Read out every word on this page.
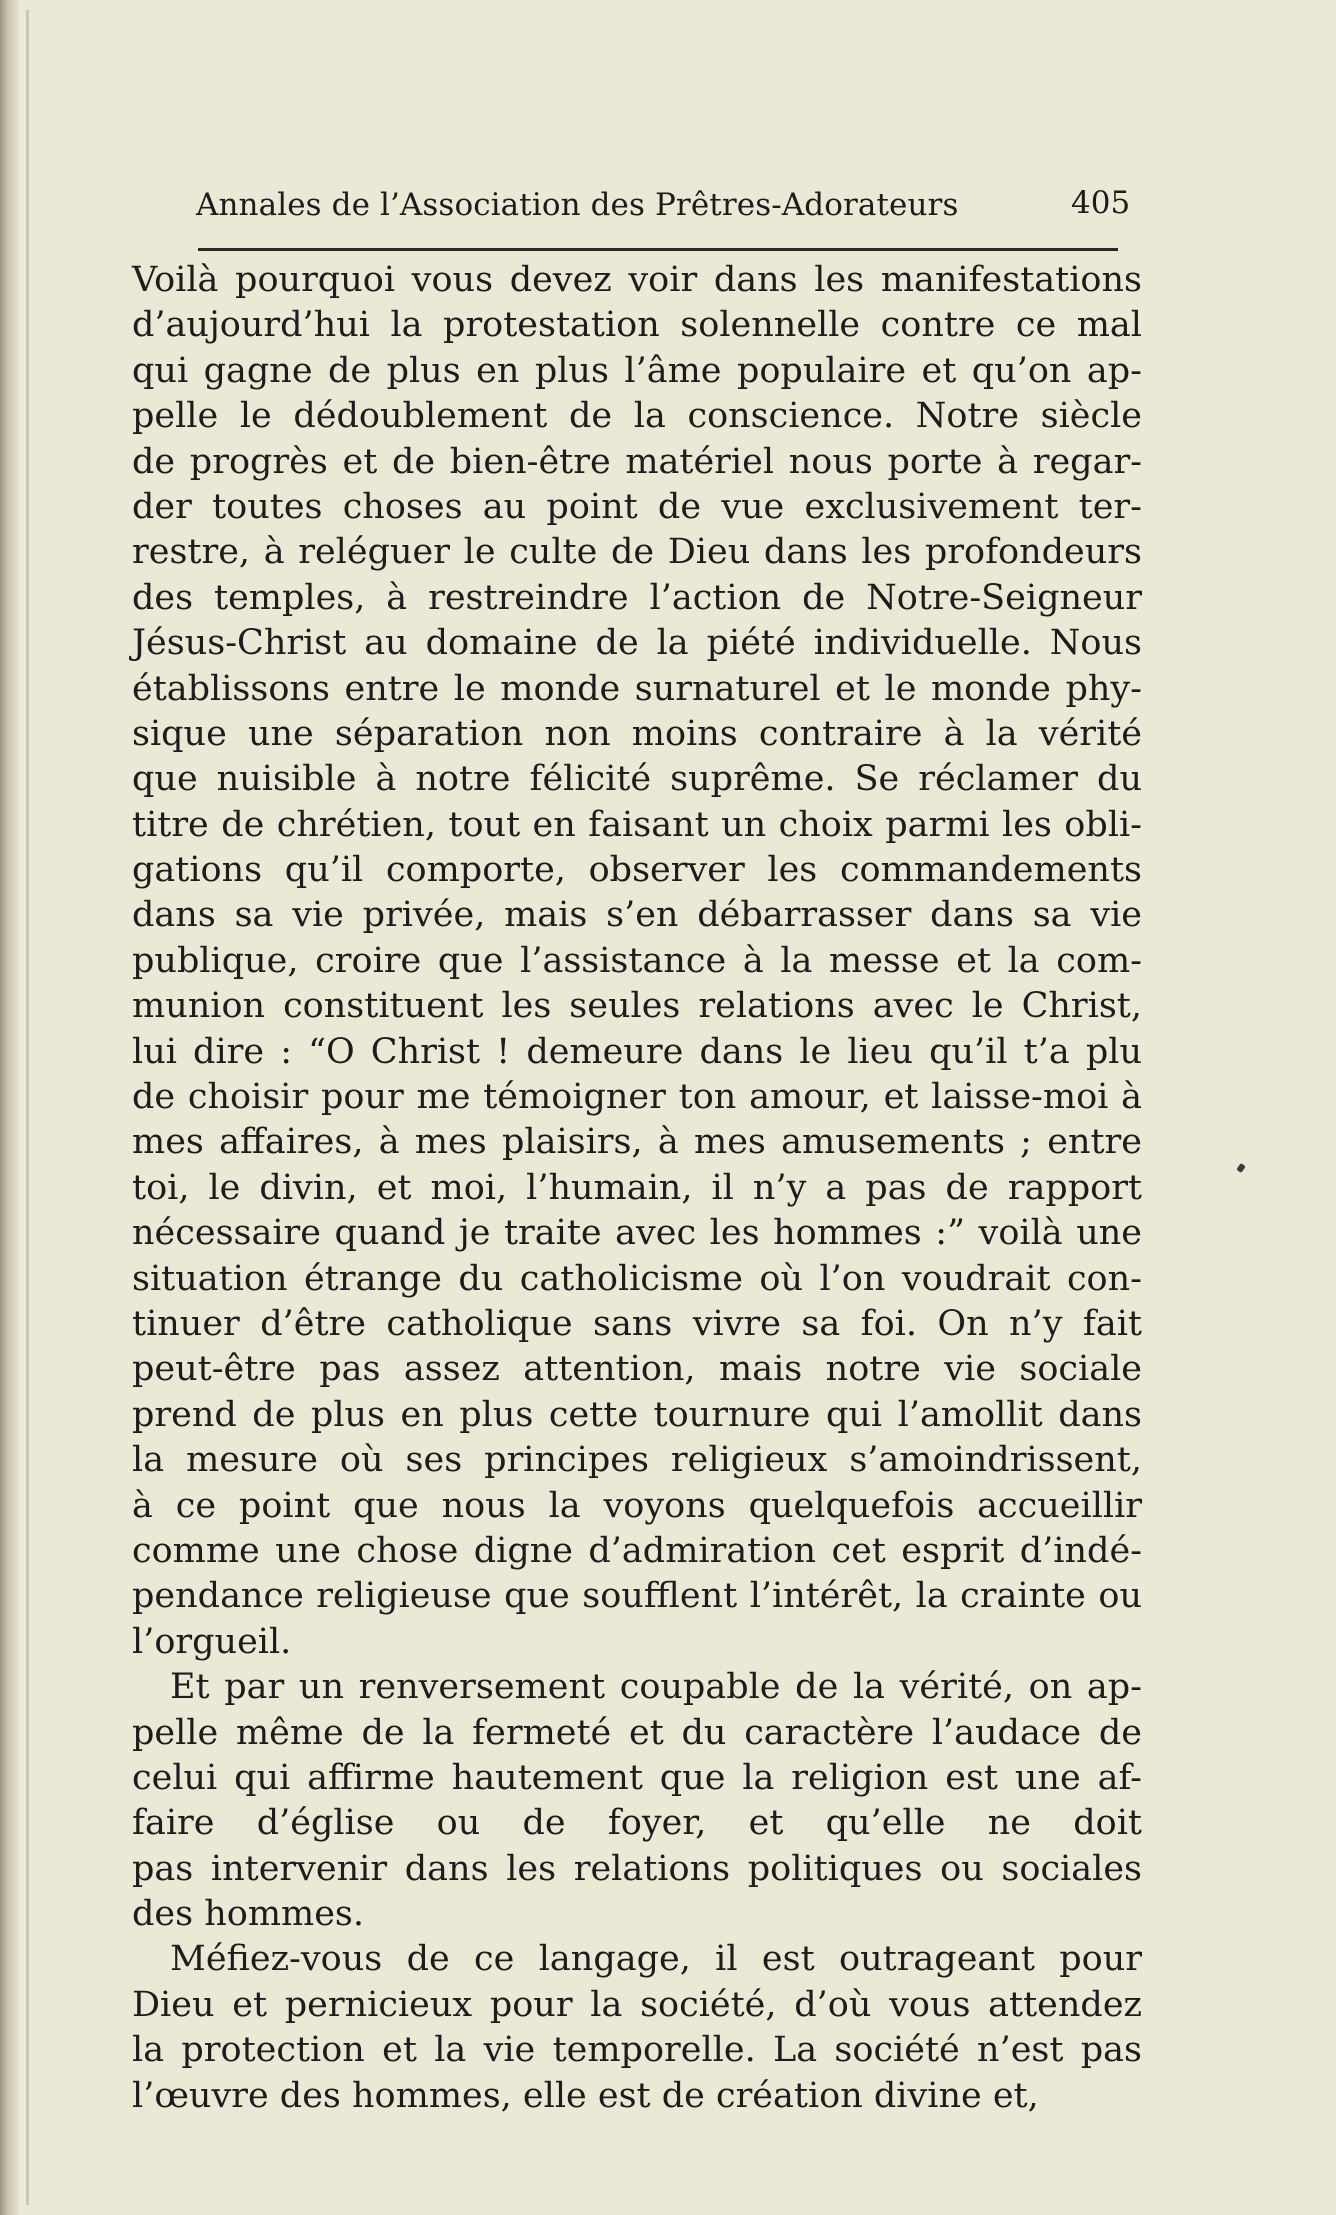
Annales de l’Association des Prêtres-Adorateurs	405

Voilà pourquoi vous devez voir dans les manifestations
d’aujourd’hui la protestation solennelle contre ce mal
qui gagne de plus en plus l’âme populaire et qu’on ap-
pelle le dédoublement de la conscience. Notre siècle
de progrès et de bien-être matériel nous porte à regar-
der toutes choses au point de vue exclusivement ter-
restre, à reléguer le culte de Dieu dans les profondeurs
des temples, à restreindre l’action de Notre-Seigneur
Jésus-Christ au domaine de la piété individuelle. Nous
établissons entre le monde surnaturel et le monde phy-
sique une séparation non moins contraire à la vérité
que nuisible à notre félicité suprême. Se réclamer du
titre de chrétien, tout en faisant un choix parmi les obli-
gations qu’il comporte, observer les commandements
dans sa vie privée, mais s’en débarrasser dans sa vie
publique, croire que l’assistance à la messe et la com-
munion constituent les seules relations avec le Christ,
lui dire : “O Christ ! demeure dans le lieu qu’il t’a plu
de choisir pour me témoigner ton amour, et laisse-moi à
mes affaires, à mes plaisirs, à mes amusements ; entre
toi, le divin, et moi, l’humain, il n’y a pas de rapport
nécessaire quand je traite avec les hommes :” voilà une
situation étrange du catholicisme où l’on voudrait con-
tinuer d’être catholique sans vivre sa foi. On n’y fait
peut-être pas assez attention, mais notre vie sociale
prend de plus en plus cette tournure qui l’amollit dans
la mesure où ses principes religieux s’amoindrissent,
à ce point que nous la voyons quelquefois accueillir
comme une chose digne d’admiration cet esprit d’indé-
pendance religieuse que soufflent l’intérêt, la crainte ou
l’orgueil.

Et par un renversement coupable de la vérité, on ap-
pelle même de la fermeté et du caractère l’audace de
celui qui affirme hautement que la religion est une af-
faire d’église ou de foyer, et qu’elle ne doit
pas intervenir dans les relations politiques ou sociales
des hommes.

Méfiez-vous de ce langage, il est outrageant pour
Dieu et pernicieux pour la société, d’où vous attendez
la protection et la vie temporelle. La société n’est pas
l’œuvre des hommes, elle est de création divine et,
